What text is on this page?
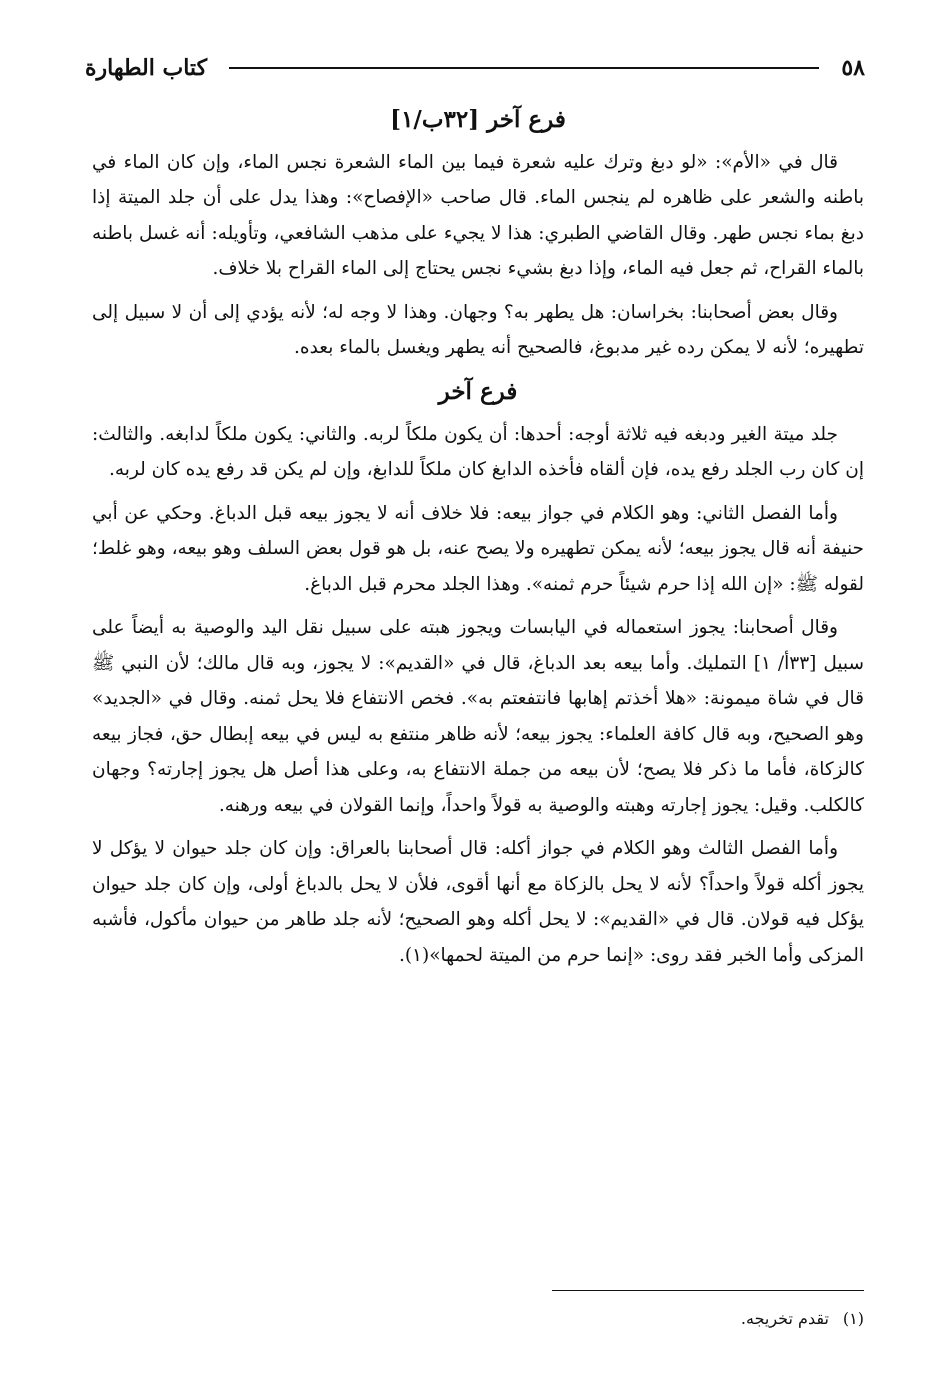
٥٨
كتاب الطهارة
فرع آخر [٣٢ب/١]

قال في «الأم»: «لو دبغ وترك عليه شعرة فيما بين الماء الشعرة نجس الماء، وإن كان الماء في باطنه والشعر على ظاهره لم ينجس الماء. قال صاحب «الإفصاح»: وهذا يدل على أن جلد الميتة إذا دبغ بماء نجس طهر. وقال القاضي الطبري: هذا لا يجيء على مذهب الشافعي، وتأويله: أنه غسل باطنه بالماء القراح، ثم جعل فيه الماء، وإذا دبغ بشيء نجس يحتاج إلى الماء القراح بلا خلاف.

وقال بعض أصحابنا: بخراسان: هل يطهر به؟ وجهان. وهذا لا وجه له؛ لأنه يؤدي إلى أن لا سبيل إلى تطهيره؛ لأنه لا يمكن رده غير مدبوغ، فالصحيح أنه يطهر ويغسل بالماء بعده.

فرع آخر

جلد ميتة الغير ودبغه فيه ثلاثة أوجه: أحدها: أن يكون ملكاً لربه. والثاني: يكون ملكاً لدابغه. والثالث: إن كان رب الجلد رفع يده، فإن ألقاه فأخذه الدابغ كان ملكاً للدابغ، وإن لم يكن قد رفع يده كان لربه.

وأما الفصل الثاني: وهو الكلام في جواز بيعه: فلا خلاف أنه لا يجوز بيعه قبل الدباغ. وحكي عن أبي حنيفة أنه قال يجوز بيعه؛ لأنه يمكن تطهيره ولا يصح عنه، بل هو قول بعض السلف وهو بيعه، وهو غلط؛ لقوله ﷺ: «إن الله إذا حرم شيئاً حرم ثمنه». وهذا الجلد محرم قبل الدباغ.

وقال أصحابنا: يجوز استعماله في اليابسات ويجوز هبته على سبيل نقل اليد والوصية به أيضاً على سبيل [٣٣أ/ ١] التمليك. وأما بيعه بعد الدباغ، قال في «القديم»: لا يجوز، وبه قال مالك؛ لأن النبي ﷺ قال في شاة ميمونة: «هلا أخذتم إهابها فانتفعتم به». فخص الانتفاع فلا يحل ثمنه. وقال في «الجديد» وهو الصحيح، وبه قال كافة العلماء: يجوز بيعه؛ لأنه ظاهر منتفع به ليس في بيعه إبطال حق، فجاز بيعه كالزكاة، فأما ما ذكر فلا يصح؛ لأن بيعه من جملة الانتفاع به، وعلى هذا أصل هل يجوز إجارته؟ وجهان كالكلب. وقيل: يجوز إجارته وهبته والوصية به قولاً واحداً، وإنما القولان في بيعه ورهنه.

وأما الفصل الثالث وهو الكلام في جواز أكله: قال أصحابنا بالعراق: وإن كان جلد حيوان لا يؤكل لا يجوز أكله قولاً واحداً؟ لأنه لا يحل بالزكاة مع أنها أقوى، فلأن لا يحل بالدباغ أولى، وإن كان جلد حيوان يؤكل فيه قولان. قال في «القديم»: لا يحل أكله وهو الصحيح؛ لأنه جلد طاهر من حيوان مأكول، فأشبه المزكى وأما الخبر فقد روى: «إنما حرم من الميتة لحمها»(١).

(١)تقدم تخريجه.
